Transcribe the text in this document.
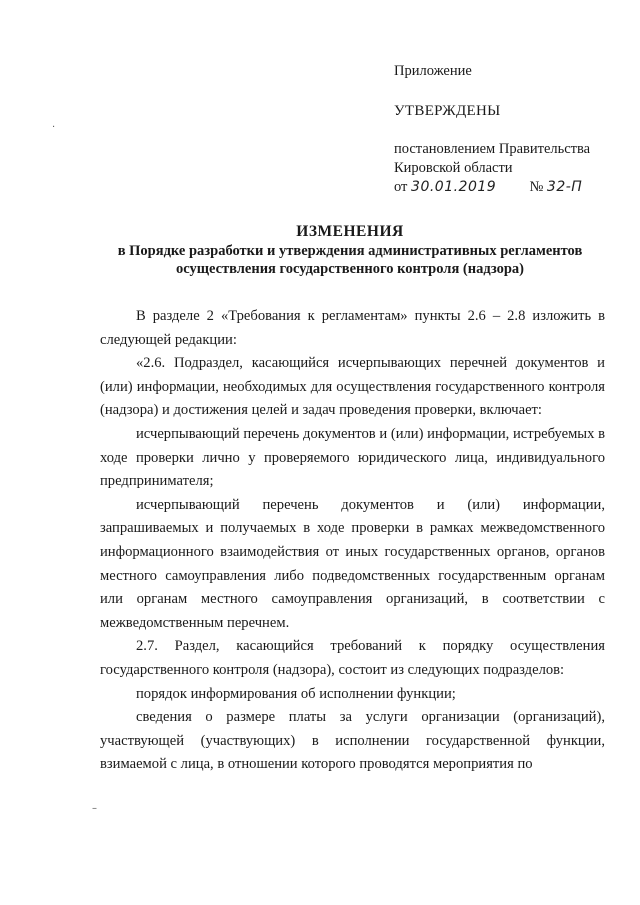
Приложение
УТВЕРЖДЕНЫ
постановлением Правительства
Кировской области
от 30.01.2019 № 32-П
ИЗМЕНЕНИЯ
в Порядке разработки и утверждения административных регламентов
осуществления государственного контроля (надзора)

В разделе 2 «Требования к регламентам» пункты 2.6 – 2.8 изложить в следующей редакции:

«2.6. Подраздел, касающийся исчерпывающих перечней документов и (или) информации, необходимых для осуществления государственного контроля (надзора) и достижения целей и задач проведения проверки, включает:

исчерпывающий перечень документов и (или) информации, истребуемых в ходе проверки лично у проверяемого юридического лица, индивидуального предпринимателя;

исчерпывающий перечень документов и (или) информации, запрашиваемых и получаемых в ходе проверки в рамках межведомственного информационного взаимодействия от иных государственных органов, органов местного самоуправления либо подведомственных государственным органам или органам местного самоуправления организаций, в соответствии с межведомственным перечнем.

2.7. Раздел, касающийся требований к порядку осуществления государственного контроля (надзора), состоит из следующих подразделов:

порядок информирования об исполнении функции;

сведения о размере платы за услуги организации (организаций), участвующей (участвующих) в исполнении государственной функции, взимаемой с лица, в отношении которого проводятся мероприятия по

·
–
